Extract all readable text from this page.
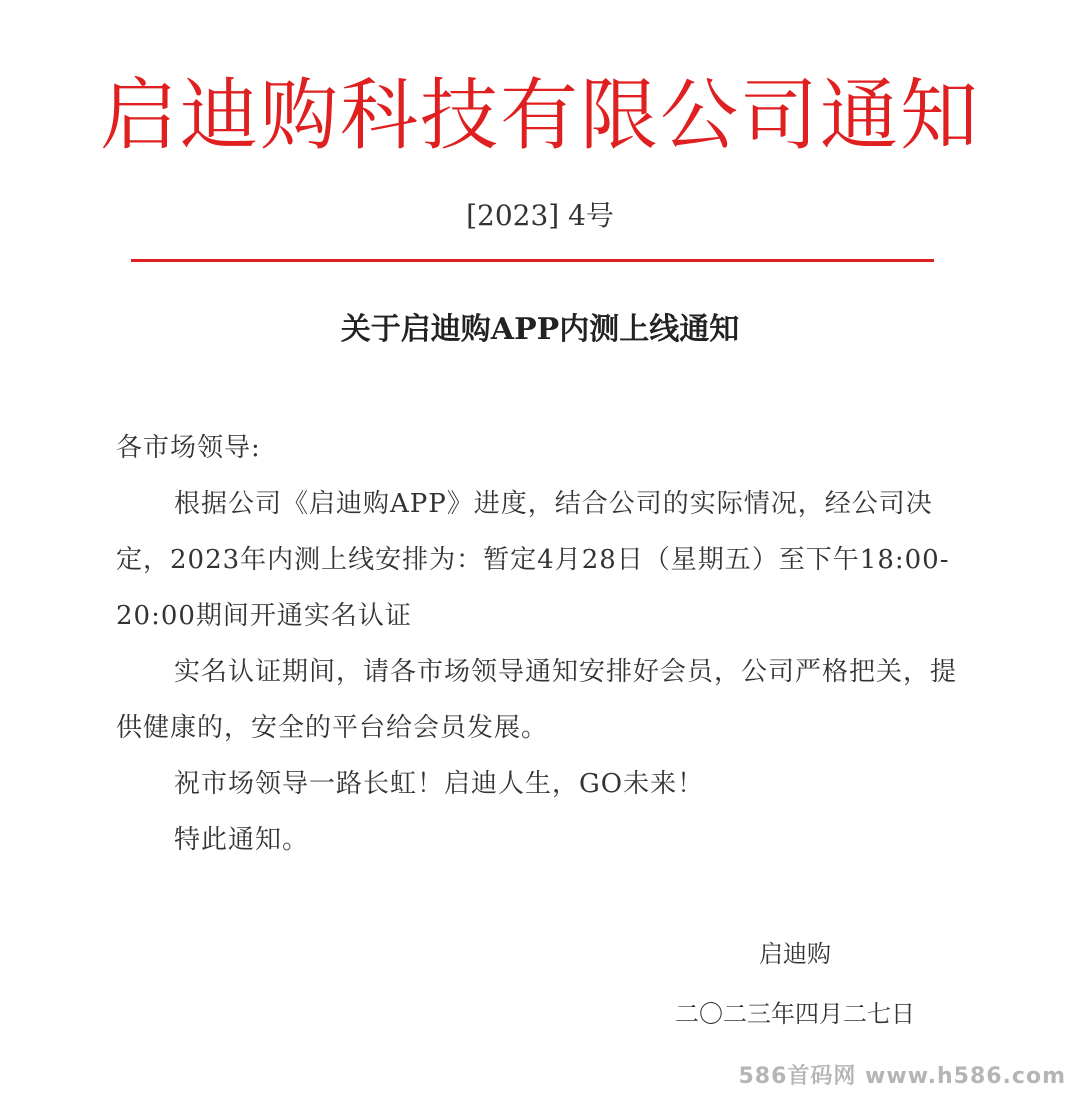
启迪购科技有限公司通知
[2023] 4号
关于启迪购APP内测上线通知
各市场领导:

根据公司《启迪购APP》进度，结合公司的实际情况，经公司决定，2023年内测上线安排为：暂定4月28日（星期五）至下午18:00-20:00期间开通实名认证

实名认证期间，请各市场领导通知安排好会员，公司严格把关，提供健康的，安全的平台给会员发展。

祝市场领导一路长虹！启迪人生，GO未来！

特此通知。

启迪购
二〇二三年四月二七日
586首码网 www.h586.com
